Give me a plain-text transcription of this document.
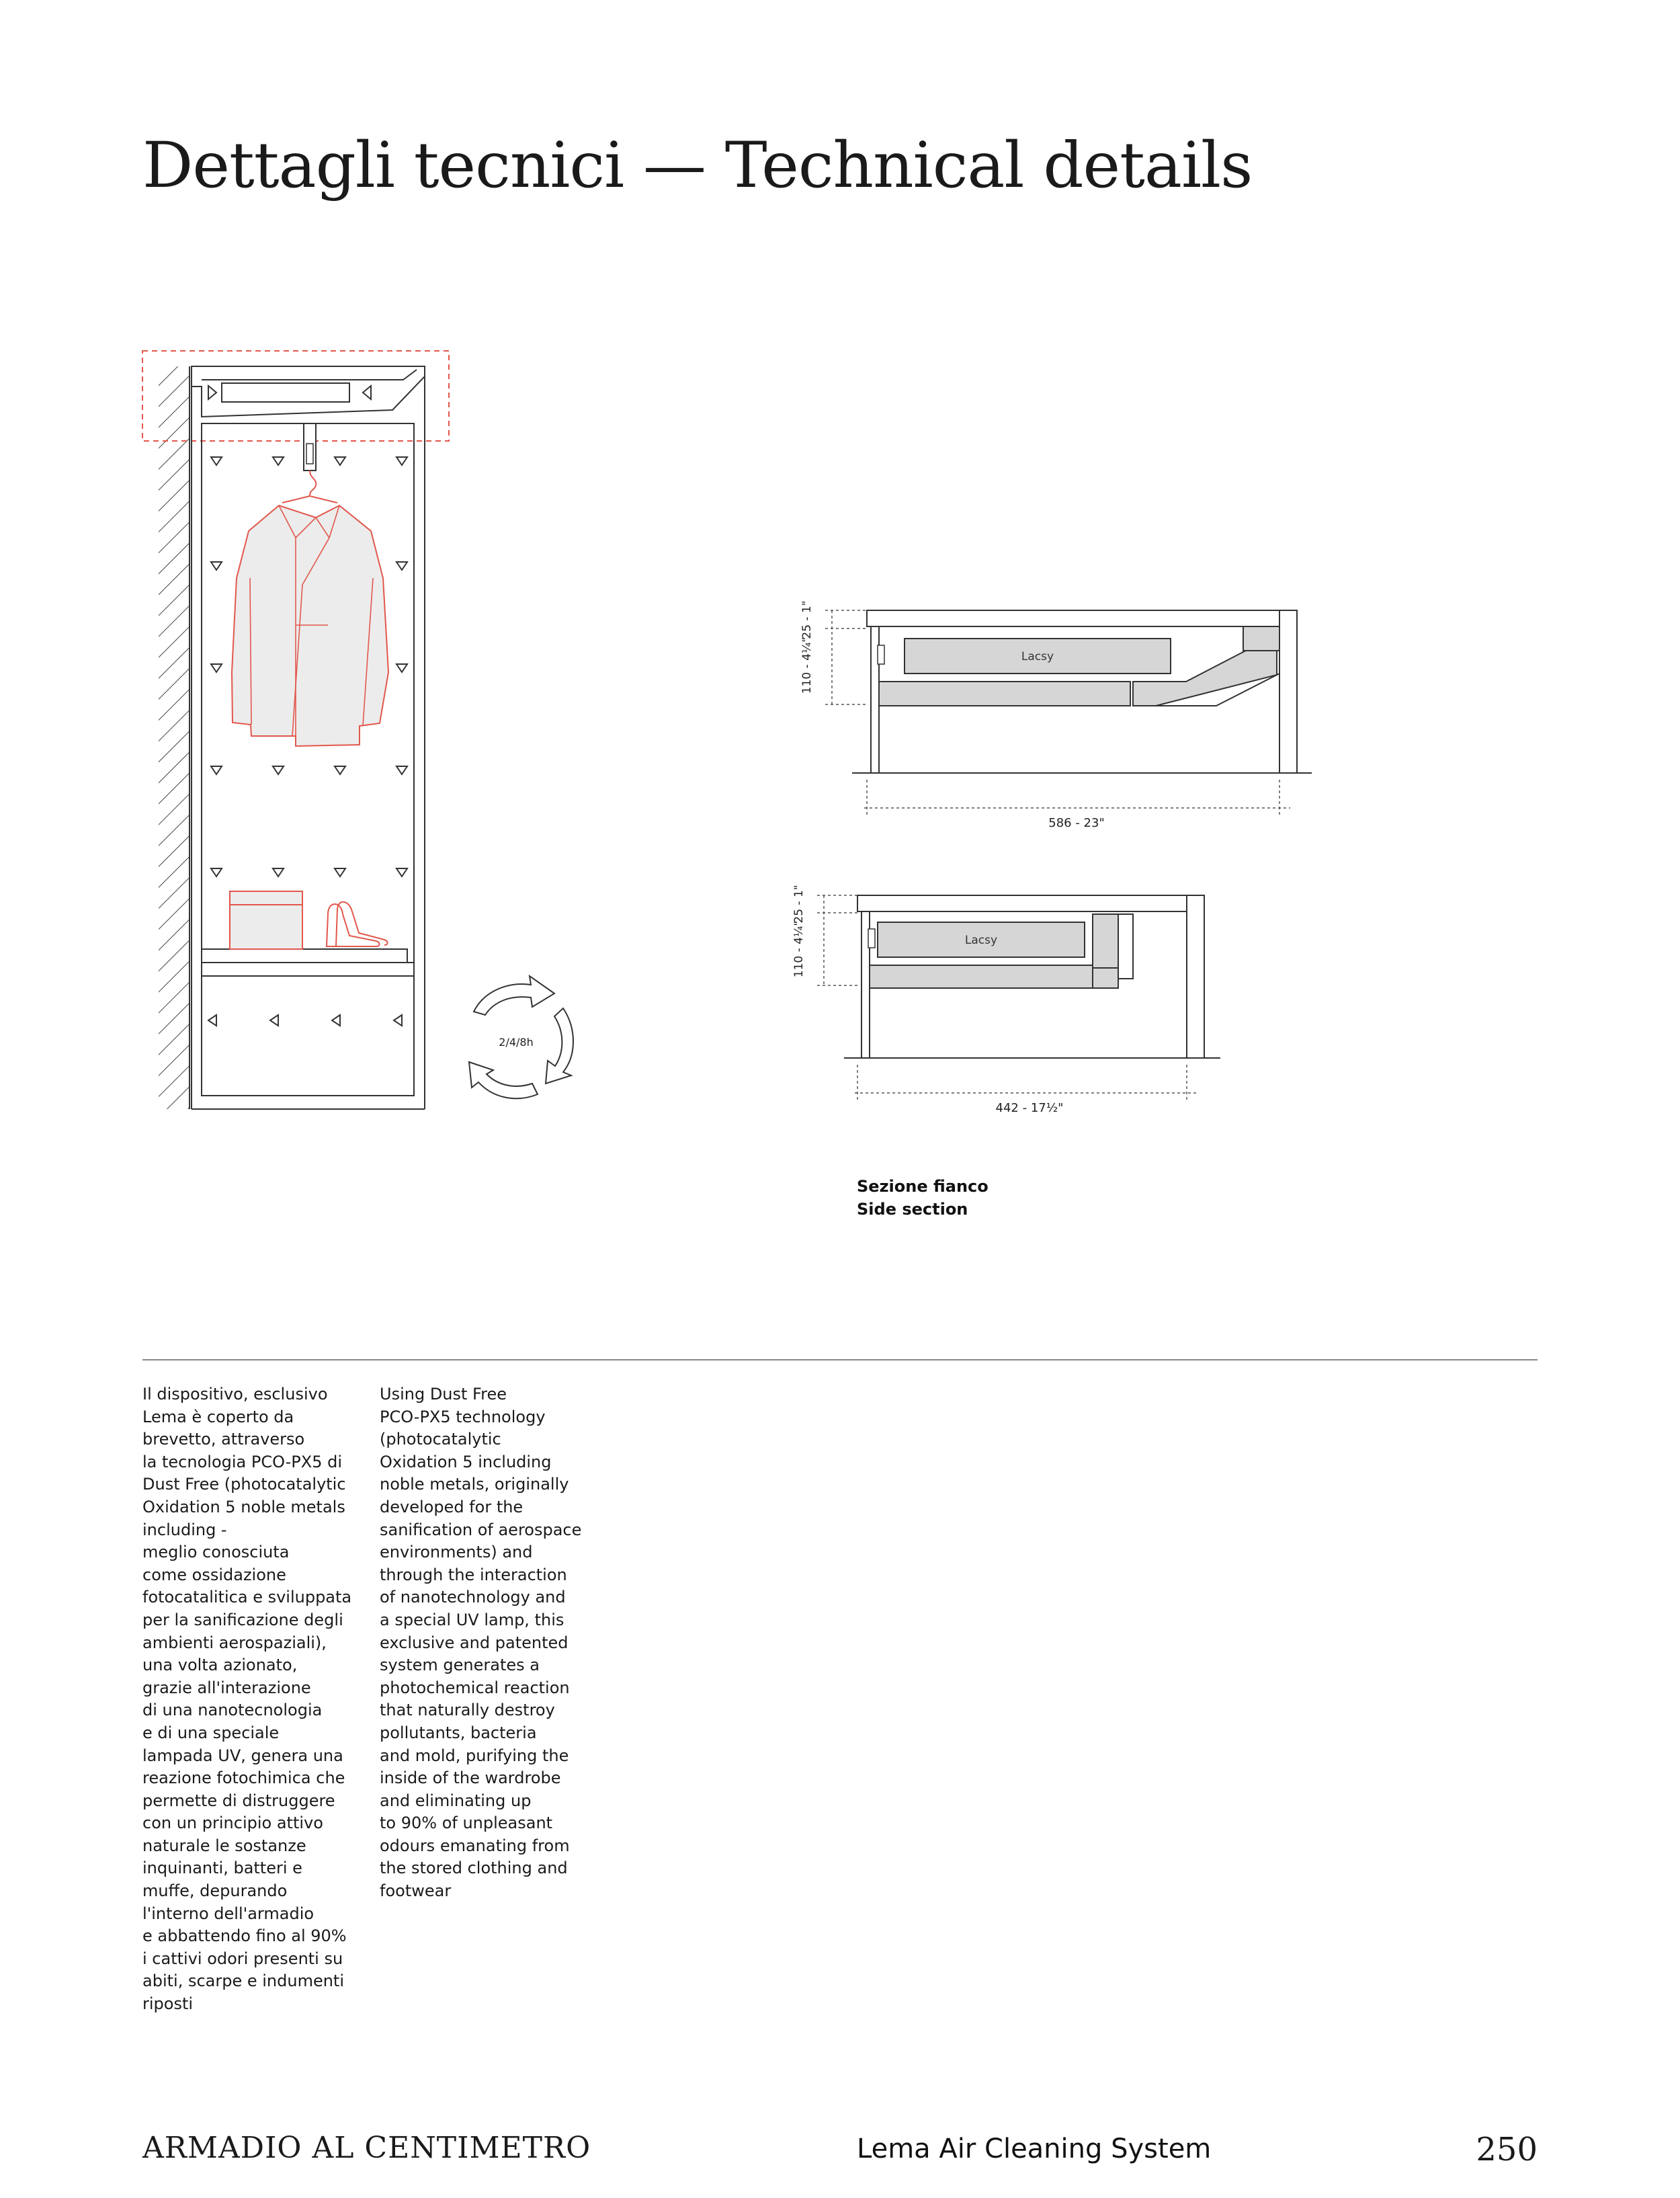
Dettagli tecnici — Technical details
2/4/8h
25 - 1"
110 - 4¼"	Lacsy
586 - 23"
25 - 1"
110 - 4¼"	Lacsy
442 - 17½"
Sezione fianco
Side section
Il dispositivo, esclusivo
Lema è coperto da
brevetto, attraverso
la tecnologia PCO-PX5 di
Dust Free (photocatalytic
Oxidation 5 noble metals
including -
meglio conosciuta
come ossidazione
fotocatalitica e sviluppata
per la sanificazione degli
ambienti aerospaziali),
una volta azionato,
grazie all'interazione
di una nanotecnologia
e di una speciale
lampada UV, genera una
reazione fotochimica che
permette di distruggere
con un principio attivo
naturale le sostanze
inquinanti, batteri e
muffe, depurando
l'interno dell'armadio
e abbattendo fino al 90%
i cattivi odori presenti su
abiti, scarpe e indumenti
riposti
Using Dust Free
PCO-PX5 technology
(photocatalytic
Oxidation 5 including
noble metals, originally
developed for the
sanification of aerospace
environments) and
through the interaction
of nanotechnology and
a special UV lamp, this
exclusive and patented
system generates a
photochemical reaction
that naturally destroy
pollutants, bacteria
and mold, purifying the
inside of the wardrobe
and eliminating up
to 90% of unpleasant
odours emanating from
the stored clothing and
footwear
ARMADIO AL CENTIMETRO	Lema Air Cleaning System	250
